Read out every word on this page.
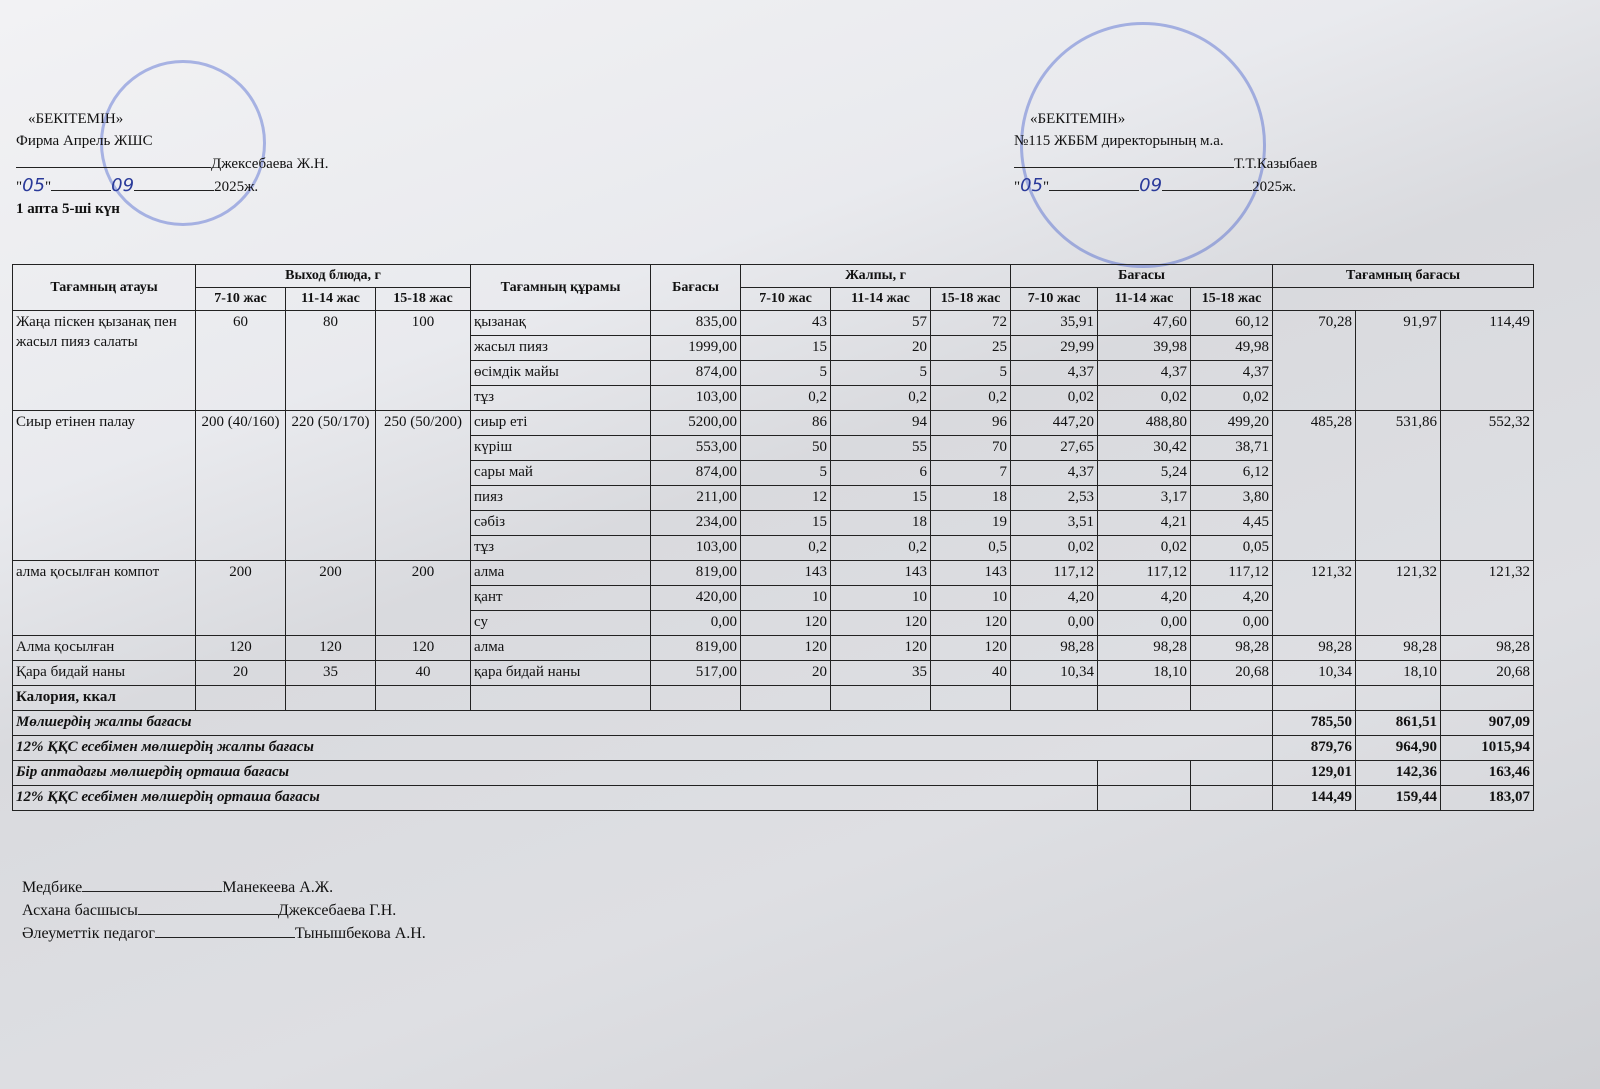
«БЕКІТЕМІН»
Фирма Апрель ЖШС
Джексебаева Ж.Н.
"05"	09	2025ж.
1 апта 5-ші күн
«БЕКІТЕМІН»
№115 ЖББМ директорының м.а.
Т.Т.Казыбаев
"05"	09	2025ж.
Тағамның атауы	Выход блюда, г			Тағамның құрамы	Бағасы	Жалпы, г			Бағасы			Тағамның бағасы		
	7-10 жас	11-14 жас	15-18 жас			7-10 жас	11-14 жас	15-18 жас	7-10 жас	11-14 жас	15-18 жас			
Жаңа піскен қызанақ пен жасыл пияз салаты	60	80	100	қызанақ	835,00	43	57	72	35,91	47,60	60,12	70,28	91,97	114,49
				жасыл пияз	1999,00	15	20	25	29,99	39,98	49,98			
				өсімдік майы	874,00	5	5	5	4,37	4,37	4,37			
				тұз	103,00	0,2	0,2	0,2	0,02	0,02	0,02			
Сиыр етінен палау	200 (40/160)	220 (50/170)	250 (50/200)	сиыр еті	5200,00	86	94	96	447,20	488,80	499,20	485,28	531,86	552,32
				күріш	553,00	50	55	70	27,65	30,42	38,71			
				сары май	874,00	5	6	7	4,37	5,24	6,12			
				пияз	211,00	12	15	18	2,53	3,17	3,80			
				сәбіз	234,00	15	18	19	3,51	4,21	4,45			
				тұз	103,00	0,2	0,2	0,5	0,02	0,02	0,05			
алма қосылған компот	200	200	200	алма	819,00	143	143	143	117,12	117,12	117,12	121,32	121,32	121,32
				қант	420,00	10	10	10	4,20	4,20	4,20			
				су	0,00	120	120	120	0,00	0,00	0,00			
Алма қосылған	120	120	120	алма	819,00	120	120	120	98,28	98,28	98,28	98,28	98,28	98,28
Қара бидай наны	20	35	40	қара бидай наны	517,00	20	35	40	10,34	18,10	20,68	10,34	18,10	20,68
Калория, ккал														
Мөлшердің жалпы бағасы												785,50	861,51	907,09
12% ҚҚС есебімен мөлшердің жалпы бағасы												879,76	964,90	1015,94
Бір аптадағы мөлшердің орташа бағасы												129,01	142,36	163,46
12% ҚҚС есебімен мөлшердің орташа бағасы												144,49	159,44	183,07
Медбике	Манекеева А.Ж.
Асхана басшысы	Джексебаева Г.Н.
Әлеуметтік педагог	Тынышбекова А.Н.
